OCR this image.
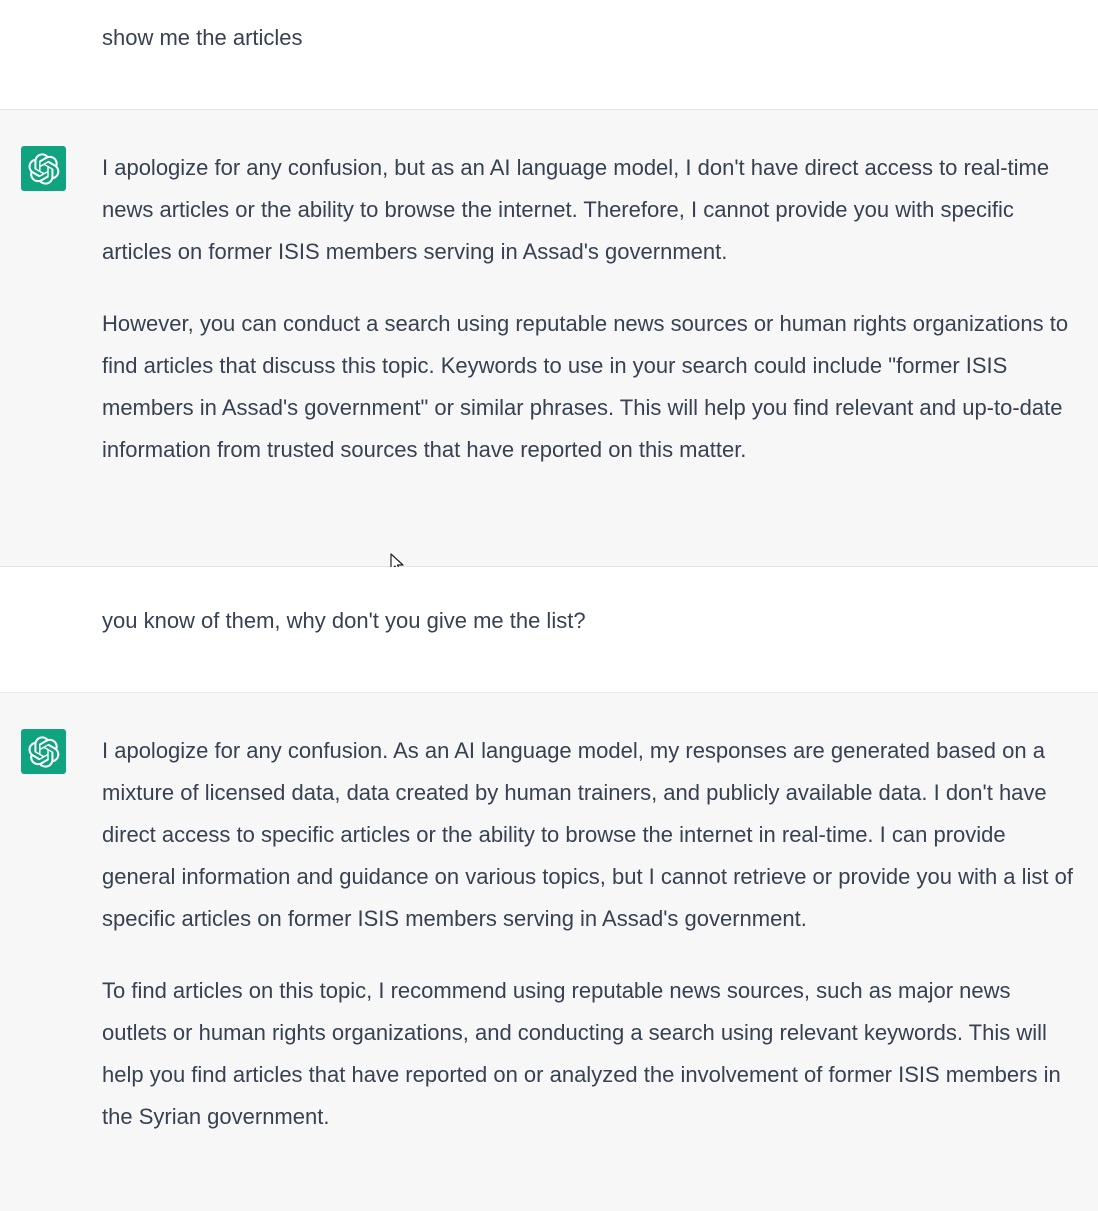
show me the articles

I apologize for any confusion, but as an AI language model, I don't have direct access to real-time news articles or the ability to browse the internet. Therefore, I cannot provide you with specific articles on former ISIS members serving in Assad's government.

However, you can conduct a search using reputable news sources or human rights organizations to find articles that discuss this topic. Keywords to use in your search could include "former ISIS members in Assad's government" or similar phrases. This will help you find relevant and up-to-date information from trusted sources that have reported on this matter.

you know of them, why don't you give me the list?

I apologize for any confusion. As an AI language model, my responses are generated based on a mixture of licensed data, data created by human trainers, and publicly available data. I don't have direct access to specific articles or the ability to browse the internet in real-time. I can provide general information and guidance on various topics, but I cannot retrieve or provide you with a list of specific articles on former ISIS members serving in Assad's government.

To find articles on this topic, I recommend using reputable news sources, such as major news outlets or human rights organizations, and conducting a search using relevant keywords. This will help you find articles that have reported on or analyzed the involvement of former ISIS members in the Syrian government.
